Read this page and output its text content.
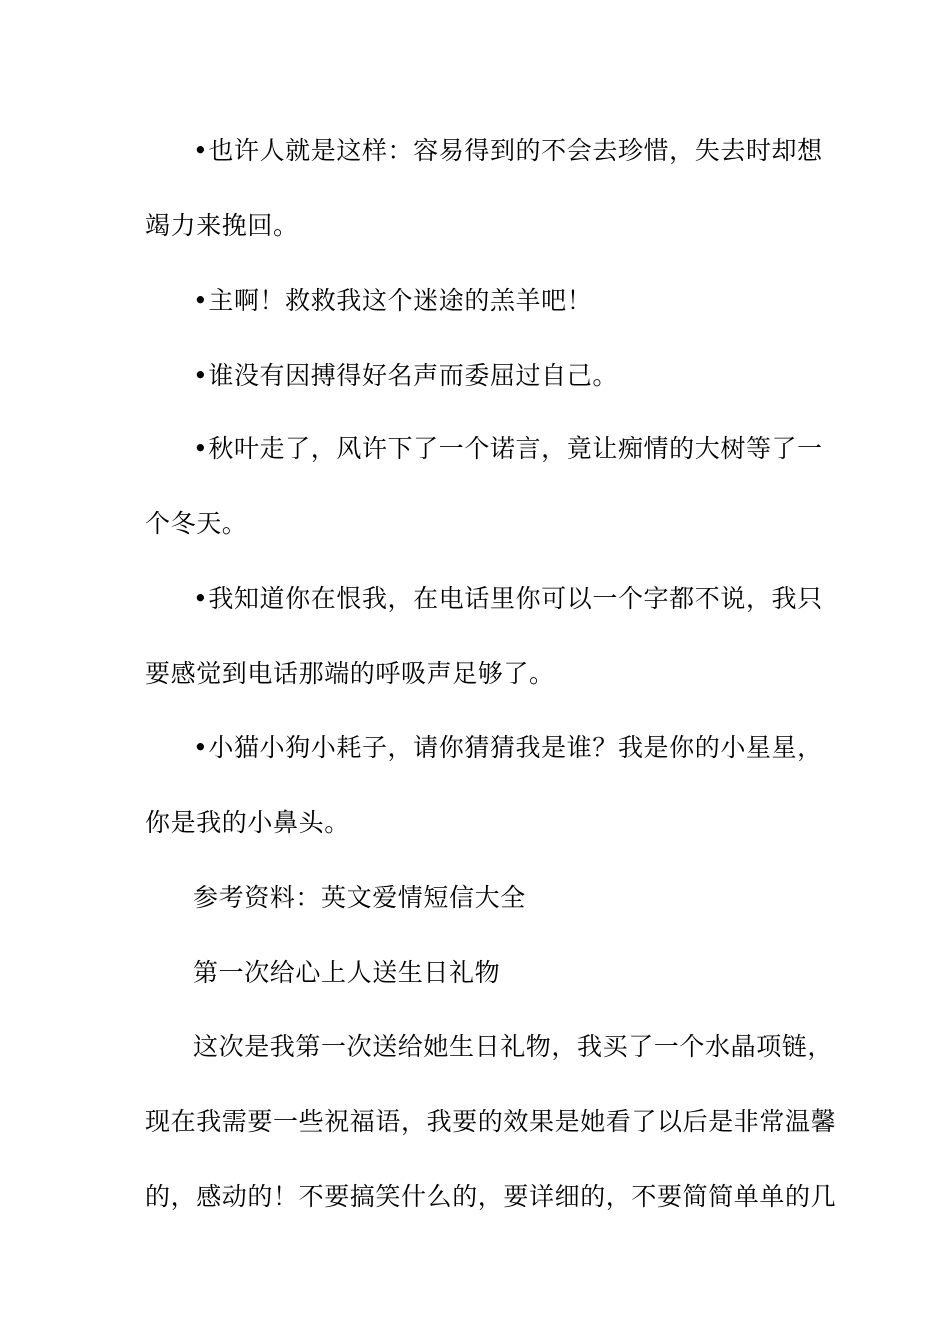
•也许人就是这样：容易得到的不会去珍惜，失去时却想
竭力来挽回。
•主啊！救救我这个迷途的羔羊吧！
•谁没有因搏得好名声而委屈过自己。
•秋叶走了，风许下了一个诺言，竟让痴情的大树等了一
个冬天。
•我知道你在恨我，在电话里你可以一个字都不说，我只
要感觉到电话那端的呼吸声足够了。
•小猫小狗小耗子，请你猜猜我是谁？我是你的小星星，
你是我的小鼻头。
参考资料：英文爱情短信大全
第一次给心上人送生日礼物
这次是我第一次送给她生日礼物，我买了一个水晶项链，
现在我需要一些祝福语，我要的效果是她看了以后是非常温馨
的，感动的！不要搞笑什么的，要详细的，不要简简单单的几
